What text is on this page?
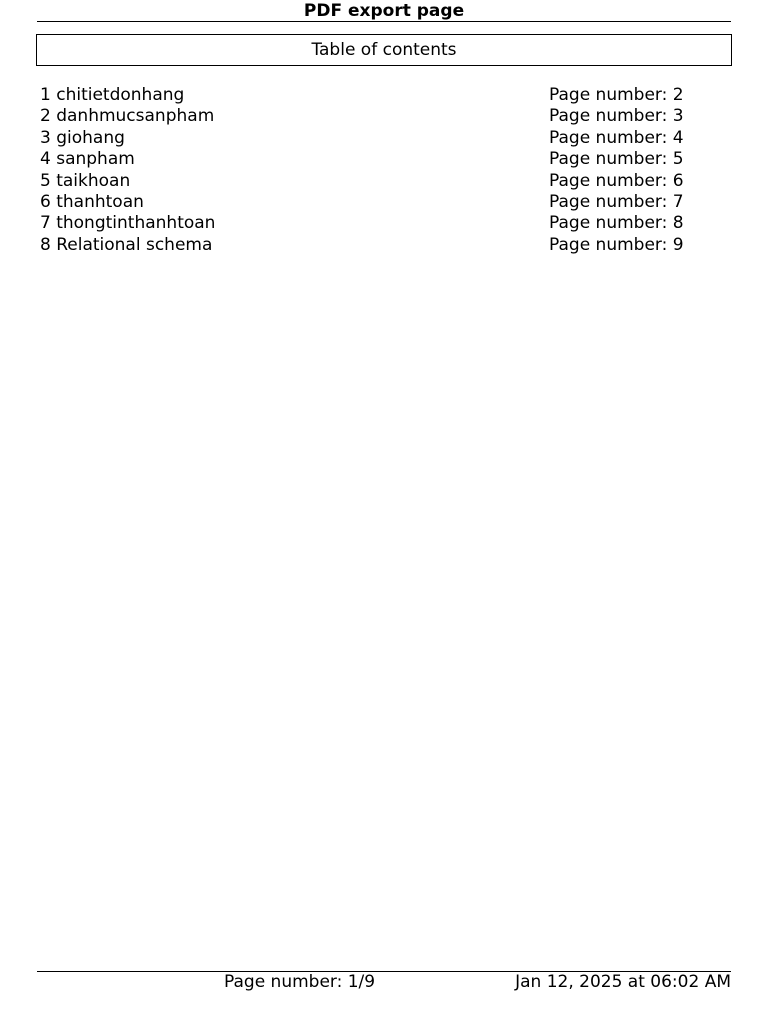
PDF export page
Table of contents
1 chitietdonhang	Page number: 2
2 danhmucsanpham	Page number: 3
3 giohang	Page number: 4
4 sanpham	Page number: 5
5 taikhoan	Page number: 6
6 thanhtoan	Page number: 7
7 thongtinthanhtoan	Page number: 8
8 Relational schema	Page number: 9
Page number: 1/9	Jan 12, 2025 at 06:02 AM
